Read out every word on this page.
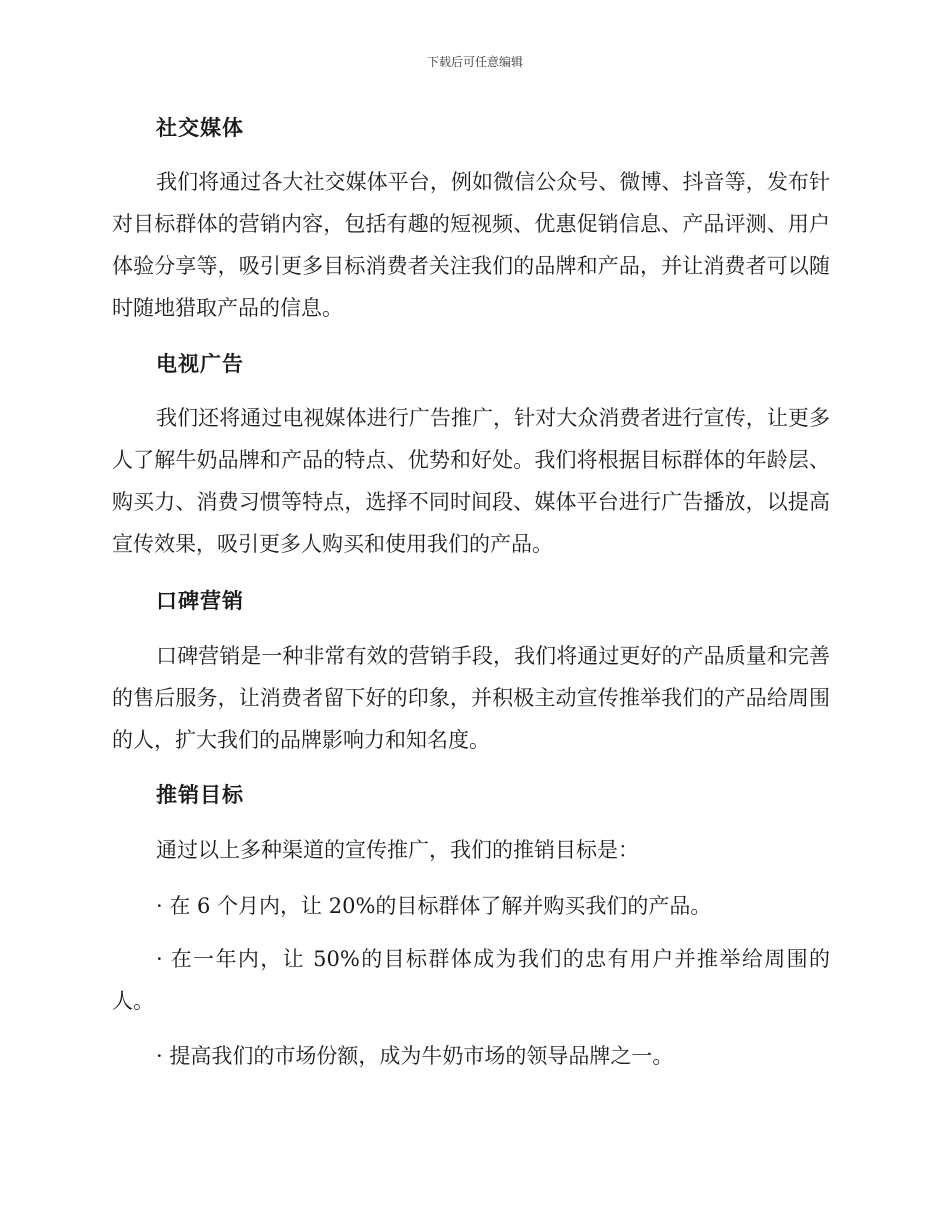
下载后可任意编辑
社交媒体
我们将通过各大社交媒体平台，例如微信公众号、微博、抖音等，发布针对目标群体的营销内容，包括有趣的短视频、优惠促销信息、产品评测、用户体验分享等，吸引更多目标消费者关注我们的品牌和产品，并让消费者可以随时随地猎取产品的信息。
电视广告
我们还将通过电视媒体进行广告推广，针对大众消费者进行宣传，让更多人了解牛奶品牌和产品的特点、优势和好处。我们将根据目标群体的年龄层、购买力、消费习惯等特点，选择不同时间段、媒体平台进行广告播放，以提高宣传效果，吸引更多人购买和使用我们的产品。
口碑营销
口碑营销是一种非常有效的营销手段，我们将通过更好的产品质量和完善的售后服务，让消费者留下好的印象，并积极主动宣传推举我们的产品给周围的人，扩大我们的品牌影响力和知名度。
推销目标
通过以上多种渠道的宣传推广，我们的推销目标是：
· 在 6 个月内，让 20%的目标群体了解并购买我们的产品。
· 在一年内，让 50%的目标群体成为我们的忠有用户并推举给周围的人。
· 提高我们的市场份额，成为牛奶市场的领导品牌之一。
